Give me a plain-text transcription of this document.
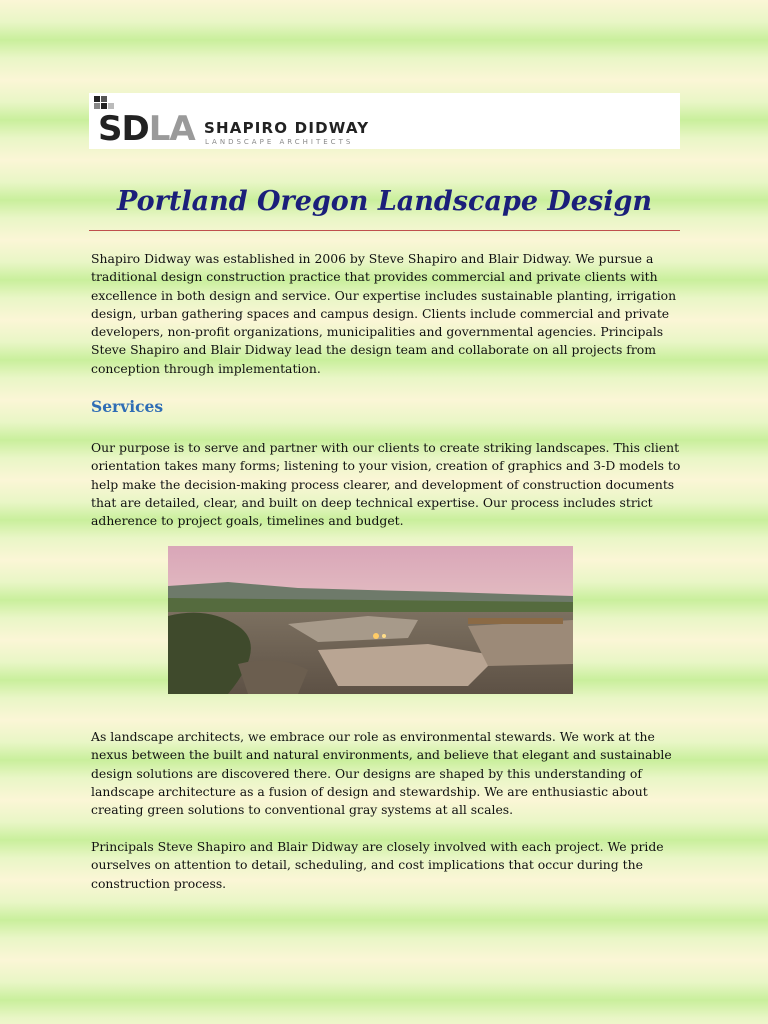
SDLA SHAPIRO DIDWAY
LANDSCAPE ARCHITECTS
Portland Oregon Landscape Design

Shapiro Didway was established in 2006 by Steve Shapiro and Blair Didway. We pursue a traditional design construction practice that provides commercial and private clients with excellence in both design and service. Our expertise includes sustainable planting, irrigation design, urban gathering spaces and campus design. Clients include commercial and private developers, non-profit organizations, municipalities and governmental agencies. Principals Steve Shapiro and Blair Didway lead the design team and collaborate on all projects from conception through implementation.

Services

Our purpose is to serve and partner with our clients to create striking landscapes. This client orientation takes many forms; listening to your vision, creation of graphics and 3-D models to help make the decision-making process clearer, and development of construction documents that are detailed, clear, and built on deep technical expertise. Our process includes strict adherence to project goals, timelines and budget.

As landscape architects, we embrace our role as environmental stewards. We work at the nexus between the built and natural environments, and believe that elegant and sustainable design solutions are discovered there. Our designs are shaped by this understanding of landscape architecture as a fusion of design and stewardship. We are enthusiastic about creating green solutions to conventional gray systems at all scales.

Principals Steve Shapiro and Blair Didway are closely involved with each project. We pride ourselves on attention to detail, scheduling, and cost implications that occur during the construction process.
